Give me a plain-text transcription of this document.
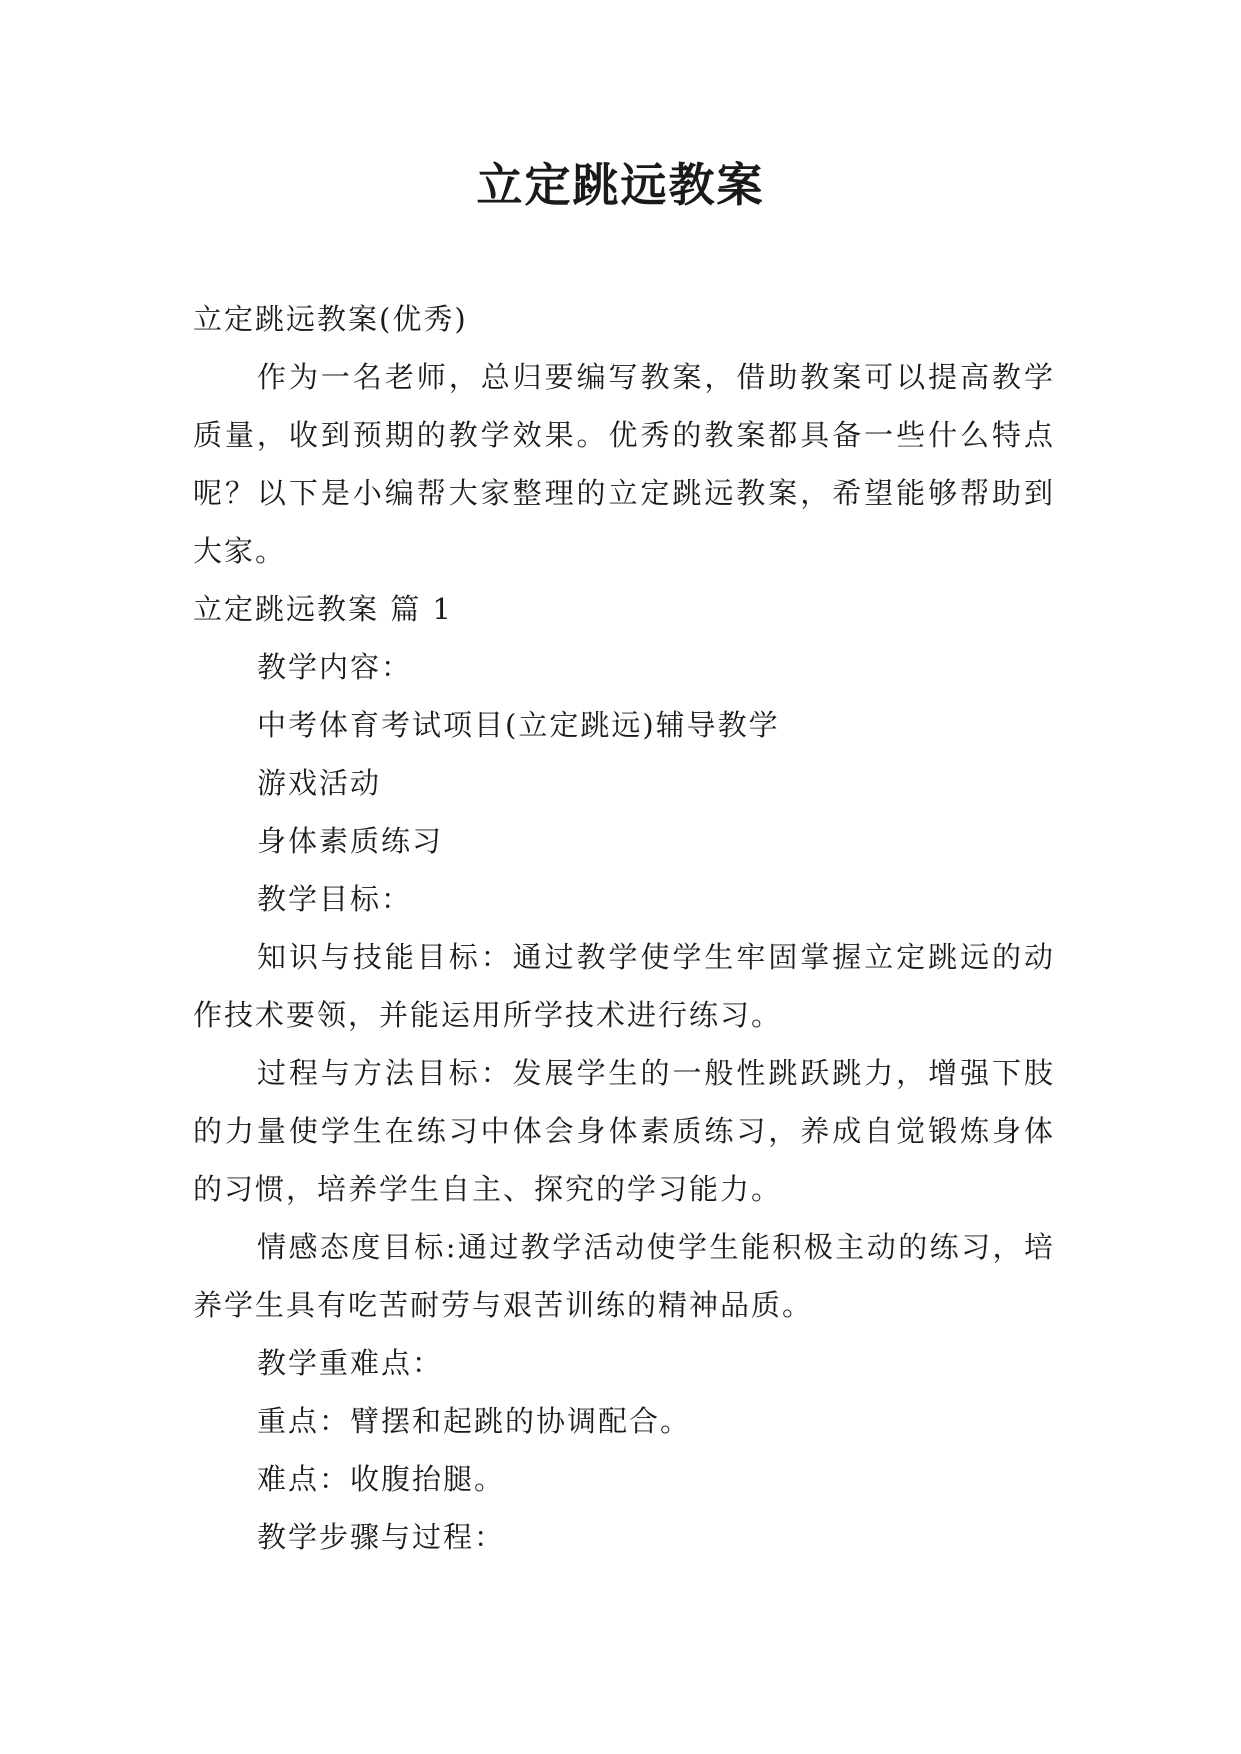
立定跳远教案

立定跳远教案(优秀)

作为一名老师，总归要编写教案，借助教案可以提高教学质量，收到预期的教学效果。优秀的教案都具备一些什么特点呢？以下是小编帮大家整理的立定跳远教案，希望能够帮助到大家。

立定跳远教案 篇 1

教学内容：

中考体育考试项目(立定跳远)辅导教学

游戏活动

身体素质练习

教学目标：

知识与技能目标：通过教学使学生牢固掌握立定跳远的动作技术要领，并能运用所学技术进行练习。

过程与方法目标：发展学生的一般性跳跃跳力，增强下肢的力量使学生在练习中体会身体素质练习，养成自觉锻炼身体的习惯，培养学生自主、探究的学习能力。

情感态度目标:通过教学活动使学生能积极主动的练习，培养学生具有吃苦耐劳与艰苦训练的精神品质。

教学重难点：

重点：臂摆和起跳的协调配合。

难点：收腹抬腿。

教学步骤与过程：
